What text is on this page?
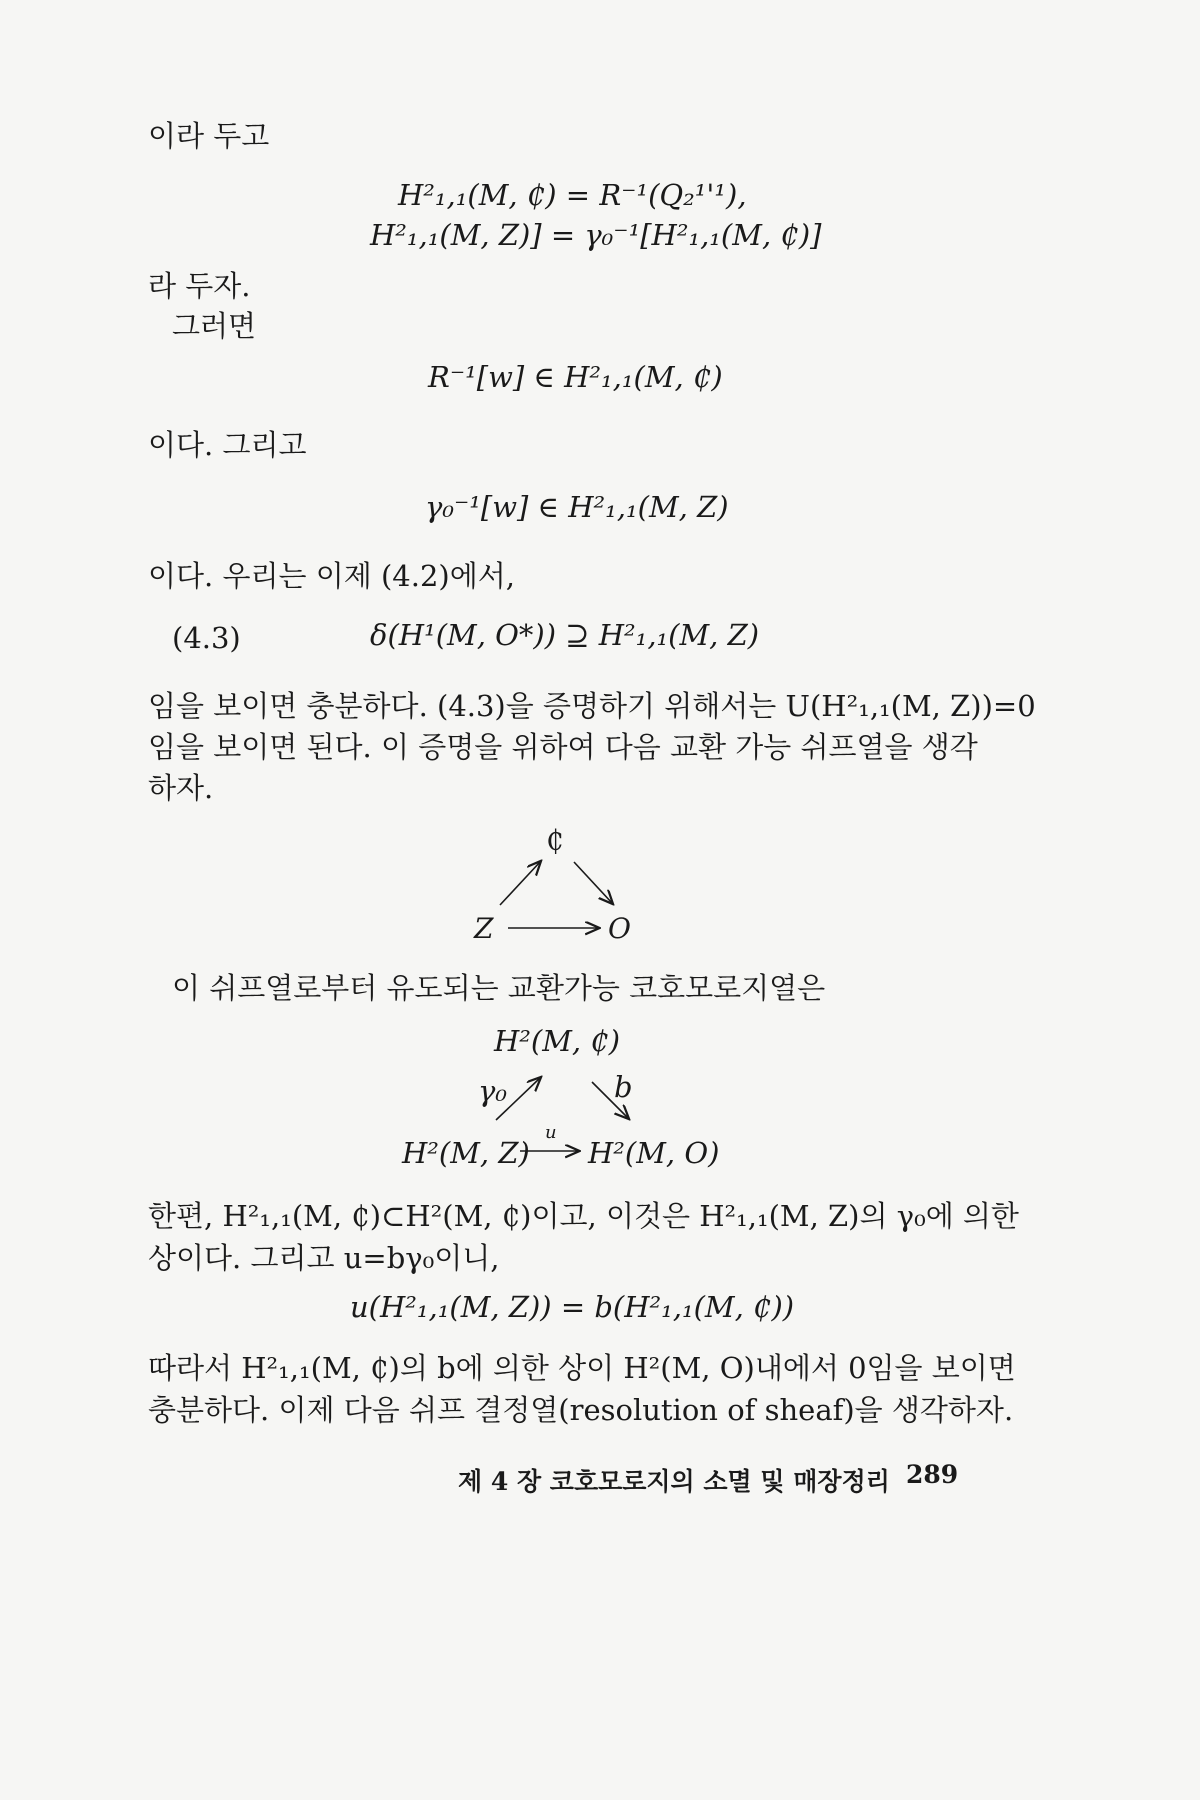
이라 두고
H²₁,₁(M, ₵) = R⁻¹(Q₂¹'¹),
H²₁,₁(M, Z)] = γ₀⁻¹[H²₁,₁(M, ₵)]
라 두자.
그러면
R⁻¹[w] ∈ H²₁,₁(M, ₵)
이다. 그리고
γ₀⁻¹[w] ∈ H²₁,₁(M, Z)
이다. 우리는 이제 (4.2)에서,
(4.3)	δ(H¹(M, O*)) ⊇ H²₁,₁(M, Z)
임을 보이면 충분하다. (4.3)을 증명하기 위해서는 U(H²₁,₁(M, Z))=0
임을 보이면 된다. 이 증명을 위하여 다음 교환 가능 쉬프열을 생각
하자.
₵
Z	O
이 쉬프열로부터 유도되는 교환가능 코호모로지열은
H²(M, ₵)
γ₀	b
H²(M, Z)
u
H²(M, O)
한편, H²₁,₁(M, ₵)⊂H²(M, ₵)이고, 이것은 H²₁,₁(M, Z)의 γ₀에 의한
상이다. 그리고 u=bγ₀이니,
u(H²₁,₁(M, Z)) = b(H²₁,₁(M, ₵))
따라서 H²₁,₁(M, ₵)의 b에 의한 상이 H²(M, O)내에서 0임을 보이면
충분하다. 이제 다음 쉬프 결정열(resolution of sheaf)을 생각하자.
제 4 장 코호모로지의 소멸 및 매장정리 289
